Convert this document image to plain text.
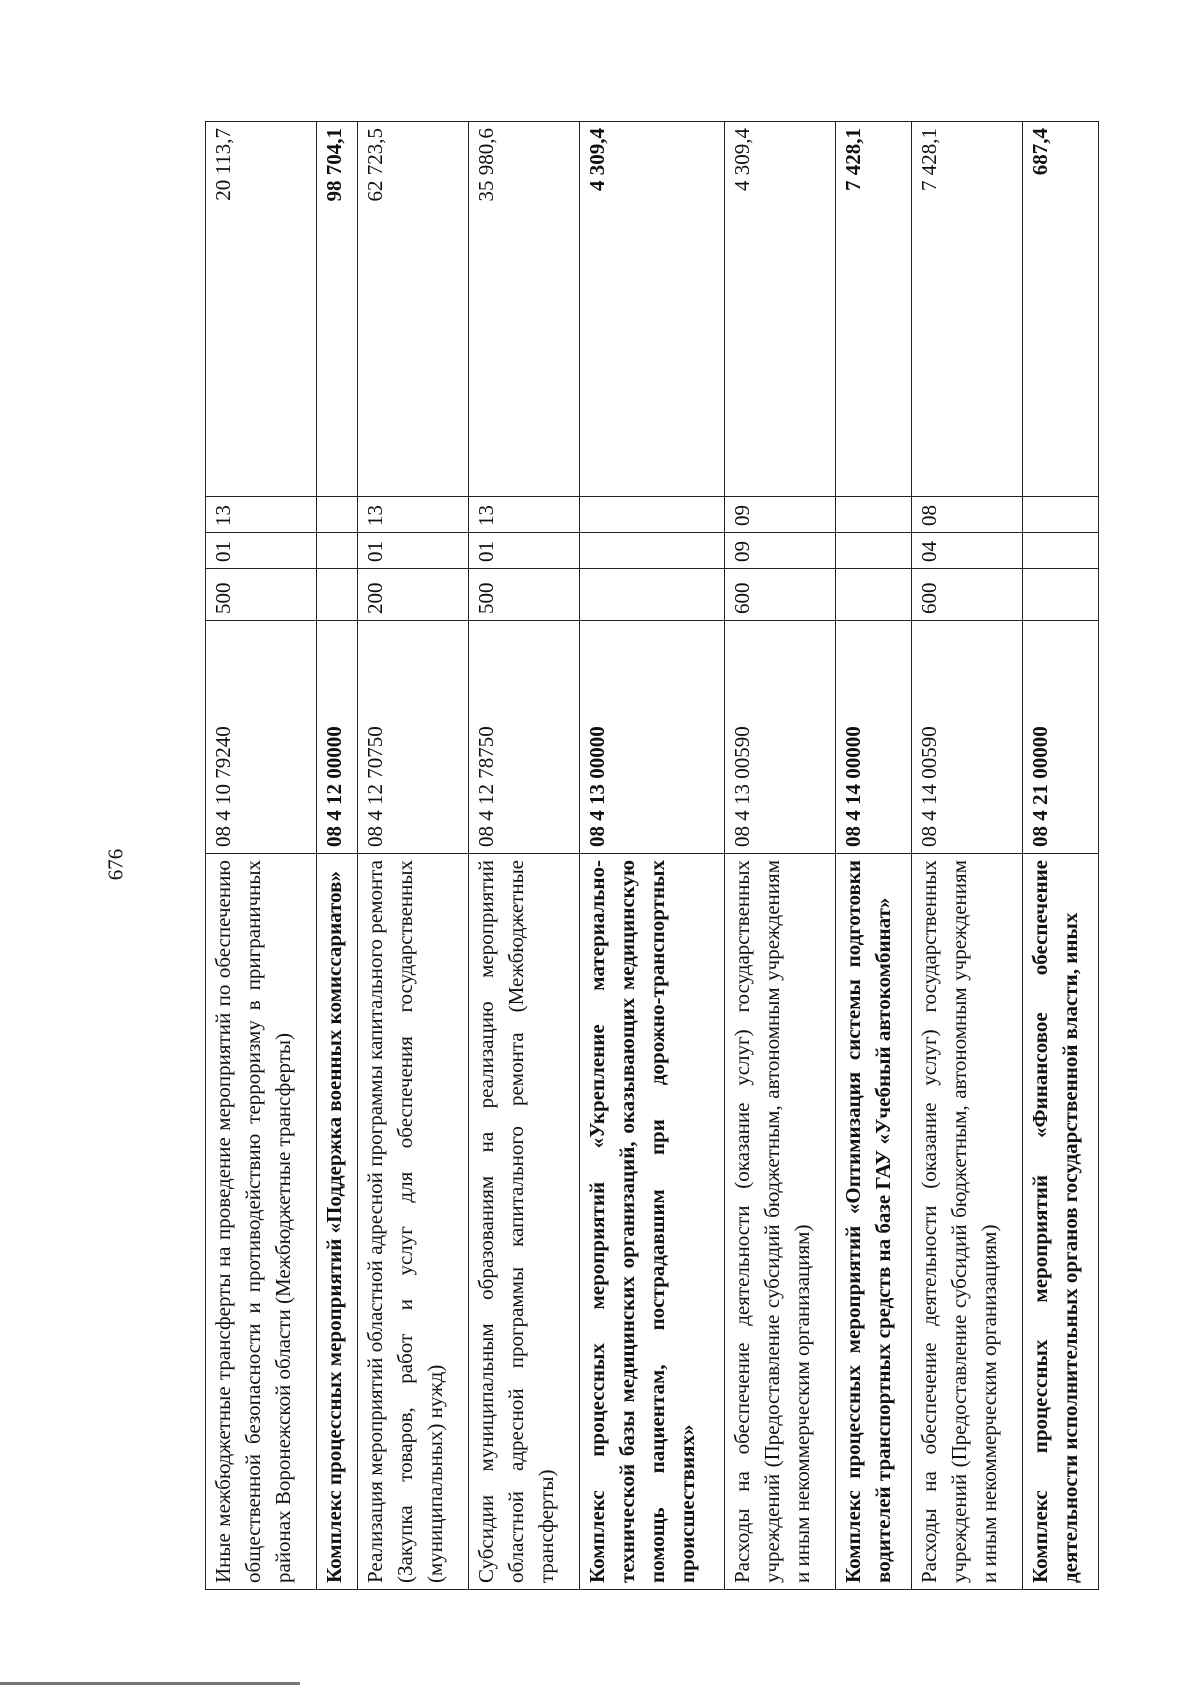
676	Иные межбюджетные трансферты на проведение мероприятий по обеспечению общественной безопасности и противодействию терроризму в приграничных районах Воронежской области (Межбюджетные трансферты)	08 4 10 79240	500	01	13	20 113,7
Комплекс процессных мероприятий «Поддержка военных комиссариатов»	08 4 12 00000				98 704,1
Реализация мероприятий областной адресной программы капитального ремонта (Закупка товаров, работ и услуг для обеспечения государственных (муниципальных) нужд)	08 4 12 70750	200	01	13	62 723,5
Субсидии муниципальным образованиям на реализацию мероприятий областной адресной программы капитального ремонта (Межбюджетные трансферты)	08 4 12 78750	500	01	13	35 980,6
Комплекс процессных мероприятий «Укрепление материально-технической базы медицинских организаций, оказывающих медицинскую помощь пациентам, пострадавшим при дорожно-транспортных происшествиях»	08 4 13 00000				4 309,4
Расходы на обеспечение деятельности (оказание услуг) государственных учреждений (Предоставление субсидий бюджетным, автономным учреждениям и иным некоммерческим организациям)	08 4 13 00590	600	09	09	4 309,4
Комплекс процессных мероприятий «Оптимизация системы подготовки водителей транспортных средств на базе ГАУ «Учебный автокомбинат»	08 4 14 00000				7 428,1
Расходы на обеспечение деятельности (оказание услуг) государственных учреждений (Предоставление субсидий бюджетным, автономным учреждениям и иным некоммерческим организациям)	08 4 14 00590	600	04	08	7 428,1
Комплекс процессных мероприятий «Финансовое обеспечение деятельности исполнительных органов государственной власти, иных	08 4 21 00000				687,4
